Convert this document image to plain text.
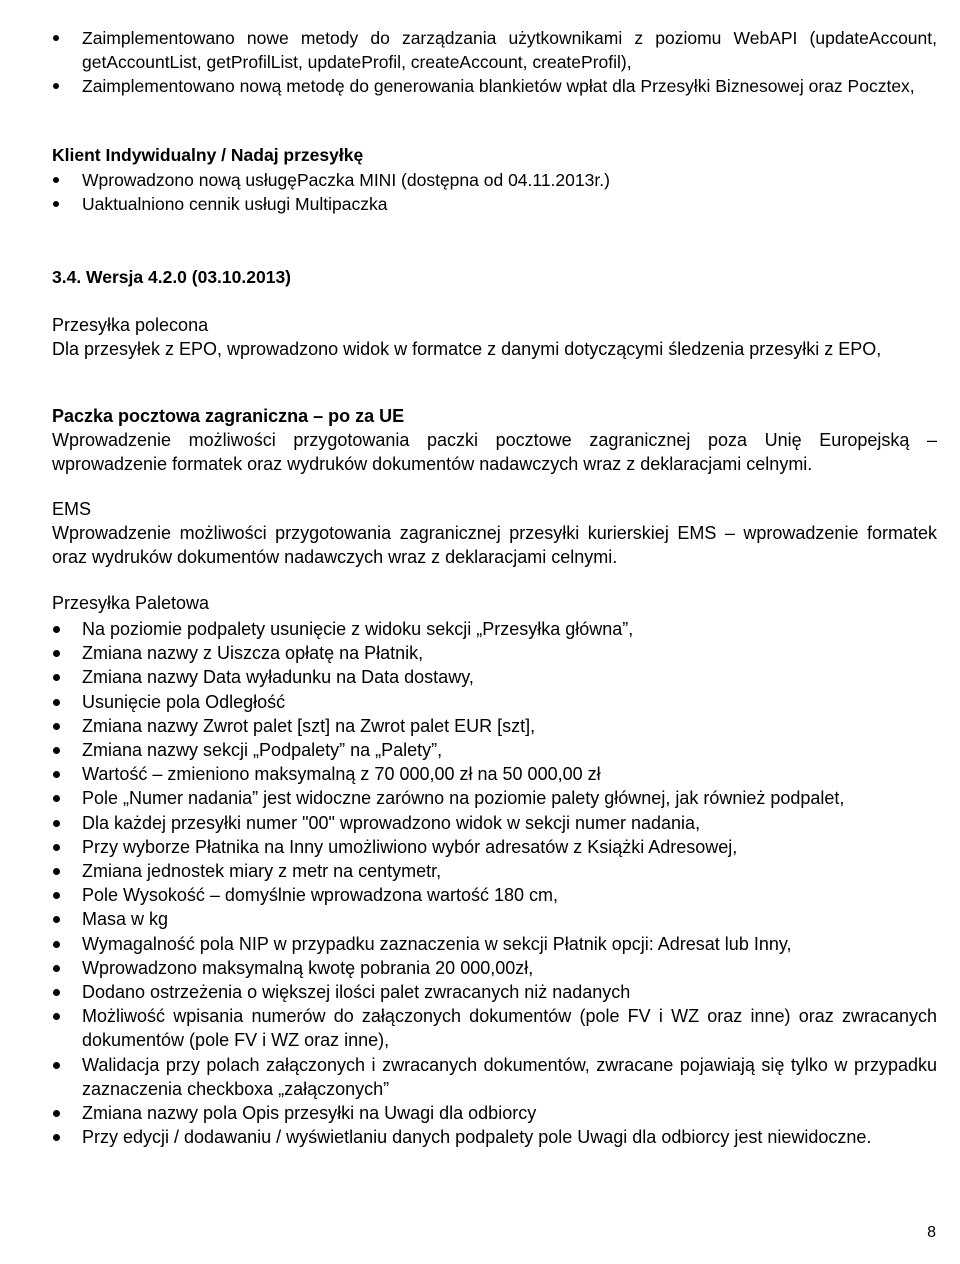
Zaimplementowano nowe metody do zarządzania użytkownikami z poziomu WebAPI (updateAccount, getAccountList, getProfilList, updateProfil, createAccount, createProfil),
Zaimplementowano nową metodę do generowania blankietów wpłat dla Przesyłki Biznesowej oraz Pocztex,
Klient Indywidualny / Nadaj przesyłkę
Wprowadzono nową usługęPaczka MINI (dostępna od 04.11.2013r.)
Uaktualniono cennik usługi Multipaczka
3.4. Wersja 4.2.0 (03.10.2013)
Przesyłka polecona
Dla przesyłek z EPO, wprowadzono widok w formatce z danymi dotyczącymi śledzenia przesyłki z EPO,
Paczka pocztowa zagraniczna – po za UE
Wprowadzenie możliwości przygotowania paczki pocztowe zagranicznej poza Unię Europejską – wprowadzenie formatek oraz wydruków dokumentów nadawczych wraz z deklaracjami celnymi.
EMS
Wprowadzenie możliwości przygotowania zagranicznej przesyłki kurierskiej EMS – wprowadzenie formatek oraz wydruków dokumentów nadawczych wraz z deklaracjami celnymi.
Przesyłka Paletowa
Na poziomie podpalety usunięcie z widoku sekcji „Przesyłka główna”,
Zmiana nazwy z Uiszcza opłatę na Płatnik,
Zmiana nazwy Data wyładunku na Data dostawy,
Usunięcie pola Odległość
Zmiana nazwy Zwrot palet [szt] na Zwrot palet EUR [szt],
Zmiana nazwy sekcji „Podpalety” na „Palety”,
Wartość – zmieniono maksymalną z 70 000,00 zł na 50 000,00 zł
Pole „Numer nadania” jest widoczne zarówno na poziomie palety głównej, jak również podpalet,
Dla każdej przesyłki numer "00" wprowadzono widok w sekcji numer nadania,
Przy wyborze Płatnika na Inny umożliwiono wybór adresatów z Książki Adresowej,
Zmiana jednostek miary z metr na centymetr,
Pole Wysokość – domyślnie wprowadzona wartość 180 cm,
Masa w kg
Wymagalność pola NIP w przypadku zaznaczenia w sekcji Płatnik opcji: Adresat lub Inny,
Wprowadzono maksymalną kwotę pobrania 20 000,00zł,
Dodano ostrzeżenia o większej ilości palet zwracanych niż nadanych
Możliwość wpisania numerów do załączonych dokumentów (pole FV i WZ oraz inne) oraz zwracanych dokumentów (pole FV i WZ oraz inne),
Walidacja przy polach załączonych i zwracanych dokumentów, zwracane pojawiają się tylko w przypadku zaznaczenia checkboxa „załączonych”
Zmiana nazwy pola Opis przesyłki na Uwagi dla odbiorcy
Przy edycji / dodawaniu / wyświetlaniu danych podpalety pole Uwagi dla odbiorcy jest niewidoczne.
8
